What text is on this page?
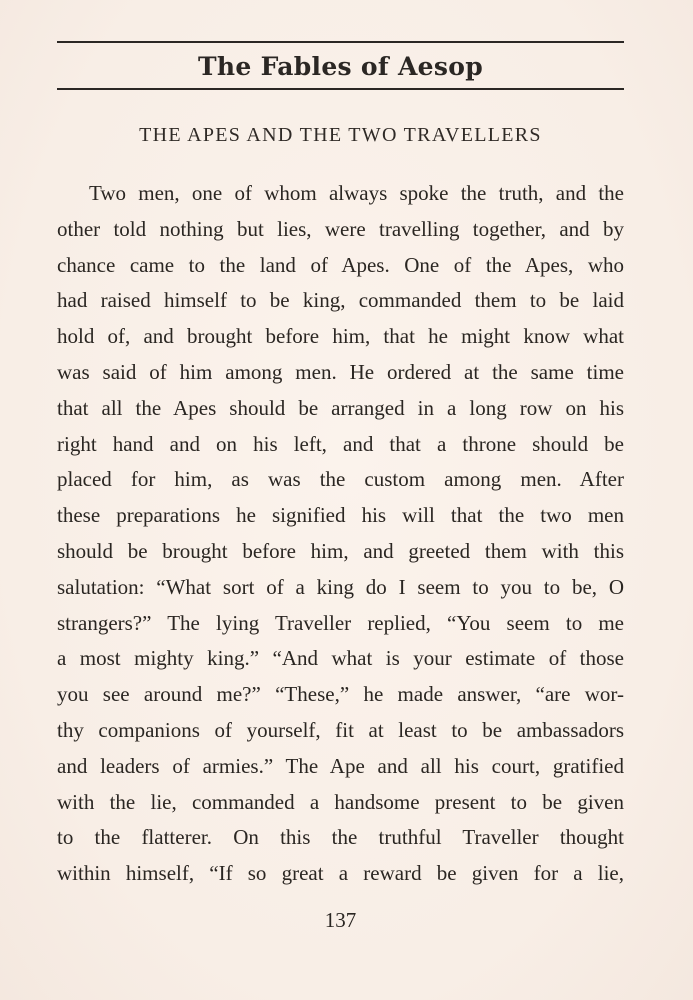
The Fables of Aesop
THE APES AND THE TWO TRAVELLERS
Two men, one of whom always spoke the truth, and the
other told nothing but lies, were travelling together, and by
chance came to the land of Apes. One of the Apes, who
had raised himself to be king, commanded them to be laid
hold of, and brought before him, that he might know what
was said of him among men. He ordered at the same time
that all the Apes should be arranged in a long row on his
right hand and on his left, and that a throne should be
placed for him, as was the custom among men. After
these preparations he signified his will that the two men
should be brought before him, and greeted them with this
salutation: “What sort of a king do I seem to you to be, O
strangers?” The lying Traveller replied, “You seem to me
a most mighty king.” “And what is your estimate of those
you see around me?” “These,” he made answer, “are wor-
thy companions of yourself, fit at least to be ambassadors
and leaders of armies.” The Ape and all his court, gratified
with the lie, commanded a handsome present to be given
to the flatterer. On this the truthful Traveller thought
within himself, “If so great a reward be given for a lie,
137
